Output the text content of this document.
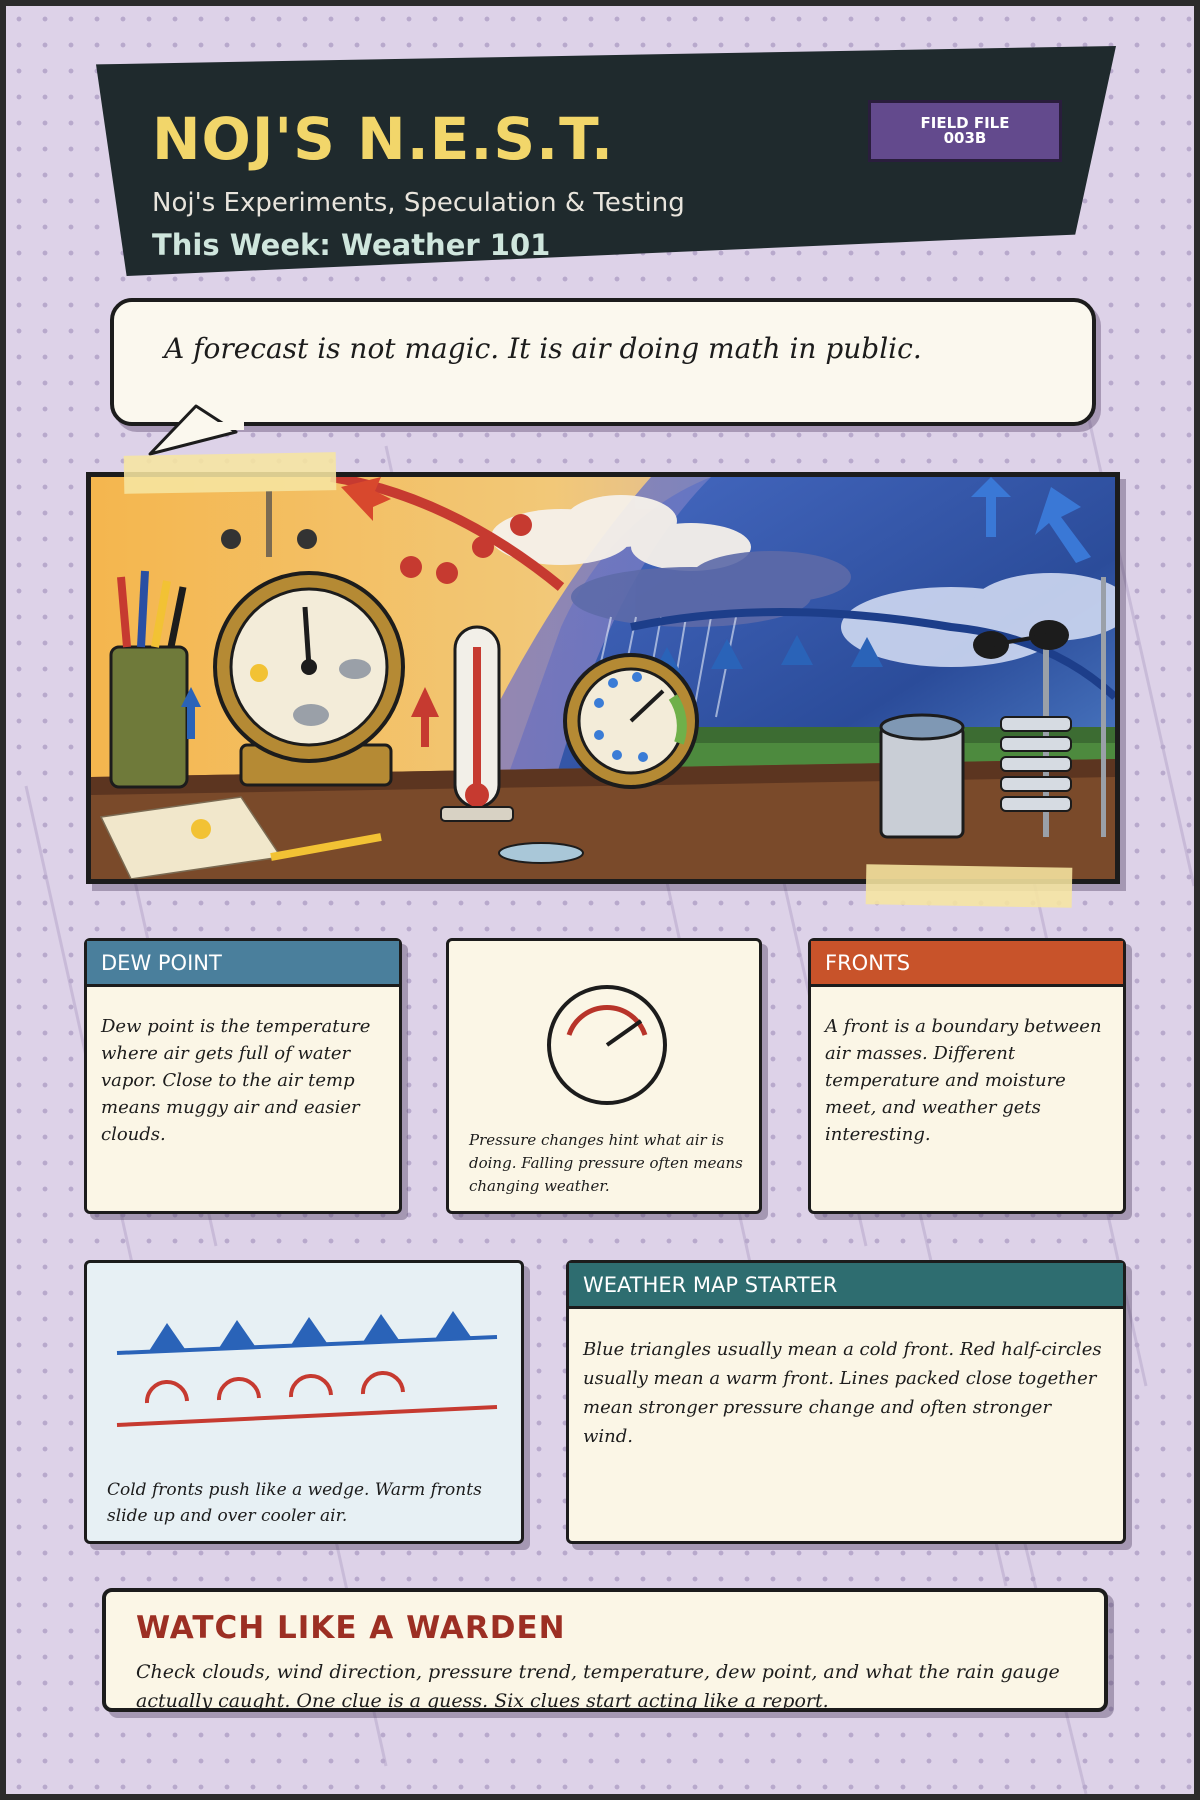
NOJ'S N.E.S.T.
Noj's Experiments, Speculation & Testing
This Week: Weather 101
FIELD FILE
003B

A forecast is not magic. It is air doing math in public.

DEW POINT

Dew point is the temperature where air gets full of water vapor. Close to the air temp means muggy air and easier clouds.	Pressure changes hint what air is doing. Falling pressure often means changing weather.

FRONTS

A front is a boundary between air masses. Different temperature and moisture meet, and weather gets interesting.

Cold fronts push like a wedge. Warm fronts slide up and over cooler air.

WEATHER MAP STARTER

Blue triangles usually mean a cold front. Red half-circles usually mean a warm front. Lines packed close together mean stronger pressure change and often stronger wind.

WATCH LIKE A WARDEN

Check clouds, wind direction, pressure trend, temperature, dew point, and what the rain gauge actually caught. One clue is a guess. Six clues start acting like a report.
